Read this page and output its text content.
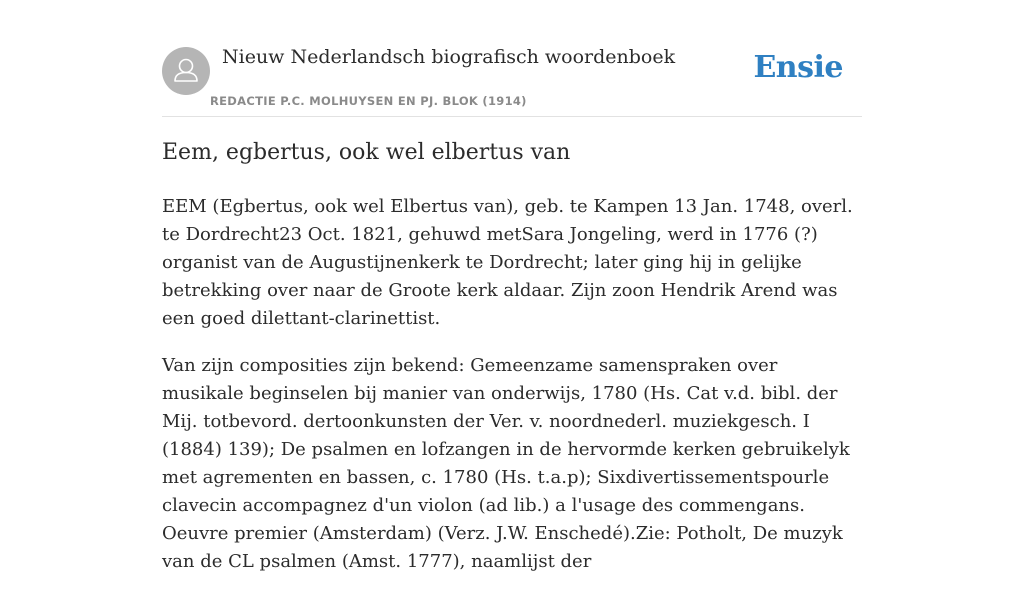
Nieuw Nederlandsch biografisch woordenboek
REDACTIE P.C. MOLHUYSEN EN PJ. BLOK (1914)
Ensie
Eem, egbertus, ook wel elbertus van

EEM (Egbertus, ook wel Elbertus van), geb. te Kampen 13 Jan. 1748, overl. te Dordrecht23 Oct. 1821, gehuwd metSara Jongeling, werd in 1776 (?) organist van de Augustijnenkerk te Dordrecht; later ging hij in gelijke betrekking over naar de Groote kerk aldaar. Zijn zoon Hendrik Arend was een goed dilettant-clarinettist.

Van zijn composities zijn bekend: Gemeenzame samenspraken over musikale beginselen bij manier van onderwijs, 1780 (Hs. Cat v.d. bibl. der Mij. totbevord. dertoonkunsten der Ver. v. noordnederl. muziekgesch. I (1884) 139); De psalmen en lofzangen in de hervormde kerken gebruikelyk met agrementen en bassen, c. 1780 (Hs. t.a.p); Sixdivertissementspourle clavecin accompagnez d'un violon (ad lib.) a l'usage des commengans. Oeuvre premier (Amsterdam) (Verz. J.W. Enschedé).Zie: Potholt, De muzyk van de CL psalmen (Amst. 1777), naamlijst der
